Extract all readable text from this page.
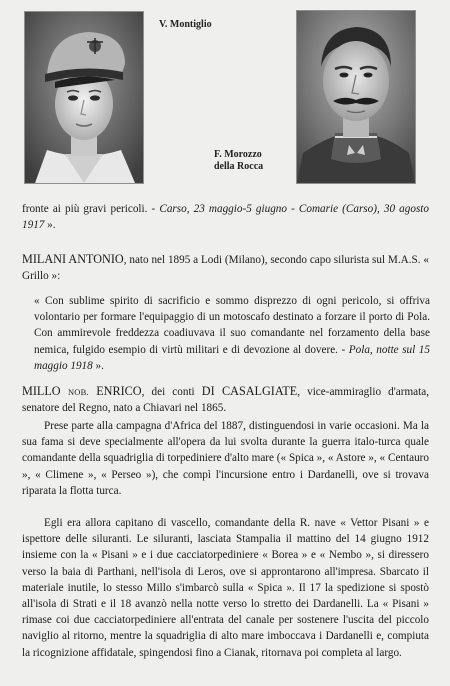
V. Montiglio
F. Morozzo
della Rocca

fronte ai più gravi pericoli. - Carso, 23 maggio-5 giugno - Comarie (Carso), 30 agosto 1917 ».

MILANI ANTONIO, nato nel 1895 a Lodi (Milano), secondo capo silurista sul M.A.S. « Grillo »:

« Con sublime spirito di sacrificio e sommo disprezzo di ogni pericolo, si offriva volontario per formare l'equipaggio di un motoscafo destinato a forzare il porto di Pola. Con ammirevole freddezza coadiuvava il suo comandante nel forzamento della base nemica, fulgido esempio di virtù militari e di devozione al dovere. - Pola, notte sul 15 maggio 1918 ».

MILLO NOB. ENRICO, dei conti DI CASALGIATE, vice-ammiraglio d'armata, senatore del Regno, nato a Chiavari nel 1865.

Prese parte alla campagna d'Africa del 1887, distinguendosi in varie occasioni. Ma la sua fama si deve specialmente all'opera da lui svolta durante la guerra italo-turca quale comandante della squadriglia di torpediniere d'alto mare (« Spica », « Astore », « Centauro », « Climene », « Perseo »), che compì l'incursione entro i Dardanelli, ove si trovava riparata la flotta turca.

Egli era allora capitano di vascello, comandante della R. nave « Vettor Pisani » e ispettore delle siluranti. Le siluranti, lasciata Stampalia il mattino del 14 giugno 1912 insieme con la « Pisani » e i due cacciatorpediniere « Borea » e « Nembo », si diressero verso la baia di Parthani, nell'isola di Leros, ove si approntarono all'impresa. Sbarcato il materiale inutile, lo stesso Millo s'imbarcò sulla « Spica ». Il 17 la spedizione si spostò all'isola di Strati e il 18 avanzò nella notte verso lo stretto dei Dardanelli. La « Pisani » rimase coi due cacciatorpediniere all'entrata del canale per sostenere l'uscita del piccolo naviglio al ritorno, mentre la squadriglia di alto mare imboccava i Dardanelli e, compiuta la ricognizione affidatale, spingendosi fino a Cianak, ritornava poi completa al largo.
